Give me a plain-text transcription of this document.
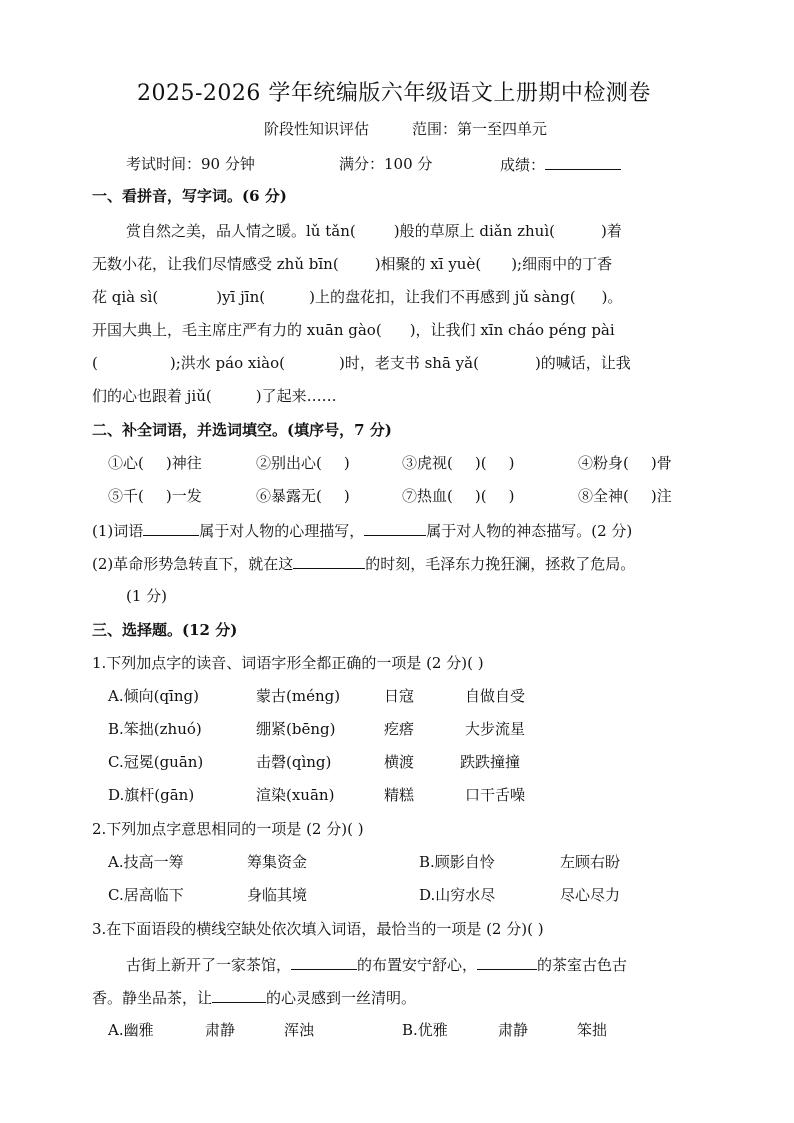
2025-2026 学年统编版六年级语文上册期中检测卷
阶段性知识评估	范围：第一至四单元
考试时间：90 分钟	满分：100 分	成绩：
一、看拼音，写字词。(6 分)
赏自然之美，品人情之暖。lǔ tǎn(	)般的草原上 diǎn zhuì(	)着
无数小花，让我们尽情感受 zhǔ bīn( )相聚的 xī yuè( );细雨中的丁香
花 qià sì(	)yī jīn(	)上的盘花扣，让我们不再感到 jǔ sàng( )。
开国大典上，毛主席庄严有力的 xuān gào( )，让我们 xīn cháo péng pài
(	);洪水 páo xiào(	)时，老支书 shā yǎ(	)的喊话，让我
们的心也跟着 jiǔ(	)了起来……
二、补全词语，并选词填空。(填序号，7 分)
①心( )神往	②别出心( )	③虎视( )( )	④粉身( )骨
⑤千( )一发	⑥暴露无( )	⑦热血( )( )	⑧全神( )注
(1)词语	属于对人物的心理描写，	属于对人物的神态描写。(2 分)
(2)革命形势急转直下，就在这	的时刻，毛泽东力挽狂澜，拯救了危局。
(1 分)
三、选择题。(12 分)
1.下列加点字的读音、词语字形全都正确的一项是 (2 分)( )
A.倾向(qīng)	蒙古(méng)	日寇	自做自受
B.笨拙(zhuó)	绷紧(bēng)	疙瘩	大步流星
C.冠冕(guān)	击磬(qìng)	横渡	跌跌撞撞
D.旗杆(gān)	渲染(xuān)	精糕	口干舌噪
2.下列加点字意思相同的一项是 (2 分)( )
A.技高一筹	筹集资金	B.顾影自怜	左顾右盼
C.居高临下	身临其境	D.山穷水尽	尽心尽力
3.在下面语段的横线空缺处依次填入词语，最恰当的一项是 (2 分)( )
古街上新开了一家茶馆，	的布置安宁舒心，	的茶室古色古
香。静坐品茶，让	的心灵感到一丝清明。
A.幽雅	肃静	浑浊	B.优雅	肃静	笨拙
